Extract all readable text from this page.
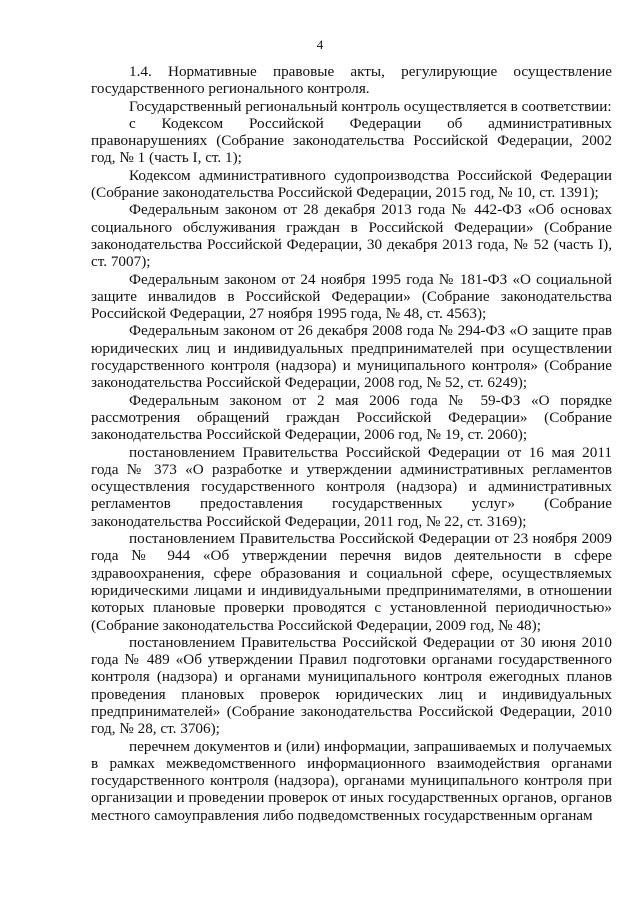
4

1.4. Нормативные правовые акты, регулирующие осуществление государственного регионального контроля.

Государственный региональный контроль осуществляется в соответствии:

с Кодексом Российской Федерации об административных правонарушениях (Собрание законодательства Российской Федерации, 2002 год, № 1 (часть I, ст. 1);

Кодексом административного судопроизводства Российской Федерации (Собрание законодательства Российской Федерации, 2015 год, № 10, ст. 1391);

Федеральным законом от 28 декабря 2013 года № 442-ФЗ «Об основах социального обслуживания граждан в Российской Федерации» (Собрание законодательства Российской Федерации, 30 декабря 2013 года, № 52 (часть I), ст. 7007);

Федеральным законом от 24 ноября 1995 года № 181-ФЗ «О социальной защите инвалидов в Российской Федерации» (Собрание законодательства Российской Федерации, 27 ноября 1995 года, № 48, ст. 4563);

Федеральным законом от 26 декабря 2008 года № 294-ФЗ «О защите прав юридических лиц и индивидуальных предпринимателей при осуществлении государственного контроля (надзора) и муниципального контроля» (Собрание законодательства Российской Федерации, 2008 год, № 52, ст. 6249);

Федеральным законом от 2 мая 2006 года № 59-ФЗ «О порядке рассмотрения обращений граждан Российской Федерации» (Собрание законодательства Российской Федерации, 2006 год, № 19, ст. 2060);

постановлением Правительства Российской Федерации от 16 мая 2011 года № 373 «О разработке и утверждении административных регламентов осуществления государственного контроля (надзора) и административных регламентов предоставления государственных услуг» (Собрание законодательства Российской Федерации, 2011 год, № 22, ст. 3169);

постановлением Правительства Российской Федерации от 23 ноября 2009 года № 944 «Об утверждении перечня видов деятельности в сфере здравоохранения, сфере образования и социальной сфере, осуществляемых юридическими лицами и индивидуальными предпринимателями, в отношении которых плановые проверки проводятся с установленной периодичностью» (Собрание законодательства Российской Федерации, 2009 год, № 48);

постановлением Правительства Российской Федерации от 30 июня 2010 года № 489 «Об утверждении Правил подготовки органами государственного контроля (надзора) и органами муниципального контроля ежегодных планов проведения плановых проверок юридических лиц и индивидуальных предпринимателей» (Собрание законодательства Российской Федерации, 2010 год, № 28, ст. 3706);

перечнем документов и (или) информации, запрашиваемых и получаемых в рамках межведомственного информационного взаимодействия органами государственного контроля (надзора), органами муниципального контроля при организации и проведении проверок от иных государственных органов, органов местного самоуправления либо подведомственных государственным органам
